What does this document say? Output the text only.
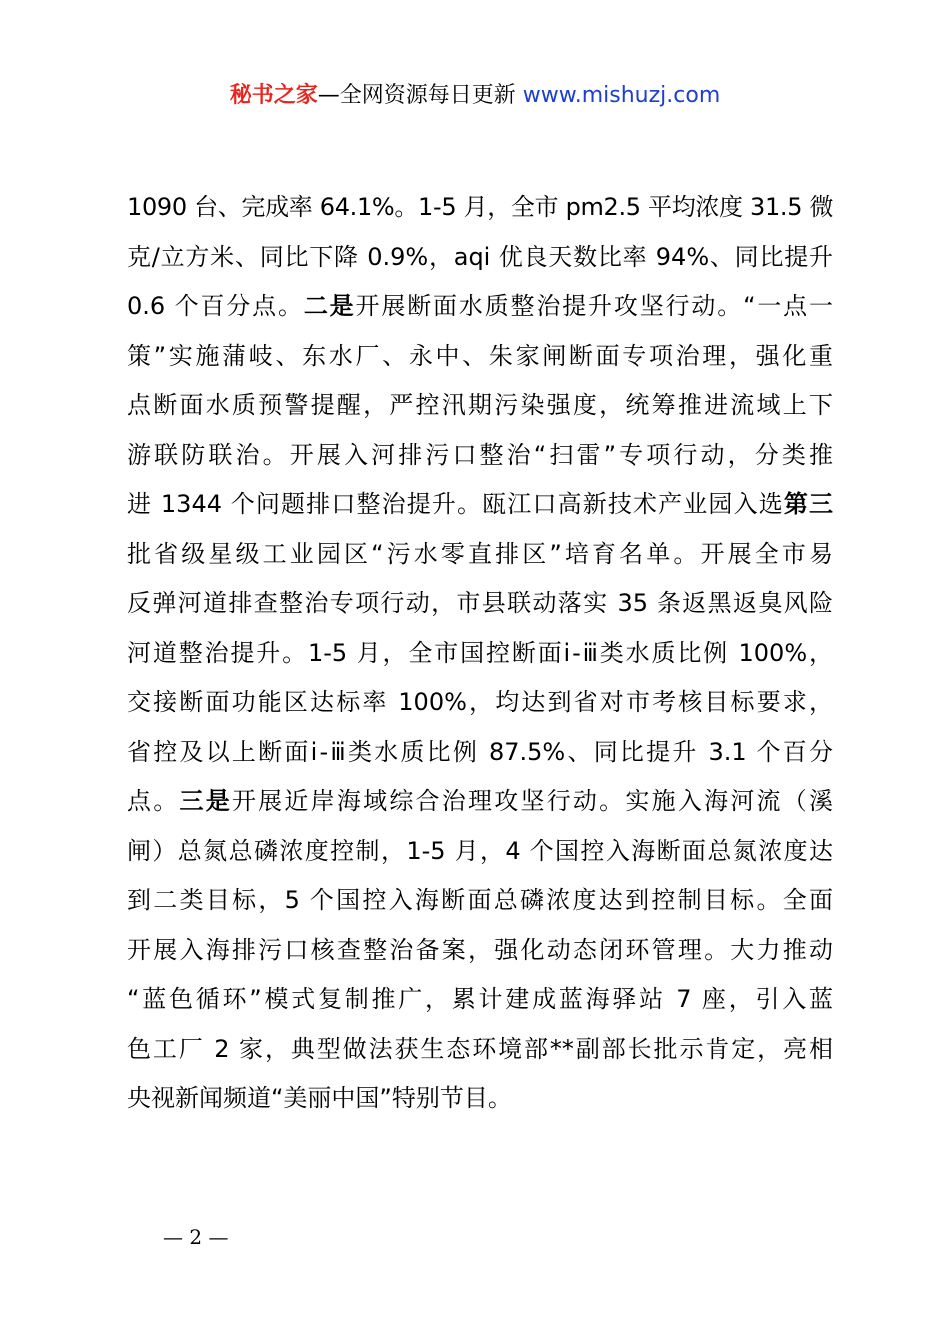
秘书之家—全网资源每日更新 www.mishuzj.com
1090 台、完成率 64.1%。1-5 月，全市 pm2.5 平均浓度 31.5 微
克/立方米、同比下降 0.9%，aqi 优良天数比率 94%、同比提升
0.6 个百分点。二是开展断面水质整治提升攻坚行动。“一点一
策”实施蒲岐、东水厂、永中、朱家闸断面专项治理，强化重
点断面水质预警提醒，严控汛期污染强度，统筹推进流域上下
游联防联治。开展入河排污口整治“扫雷”专项行动，分类推
进 1344 个问题排口整治提升。瓯江口高新技术产业园入选第三
批省级星级工业园区“污水零直排区”培育名单。开展全市易
反弹河道排查整治专项行动，市县联动落实 35 条返黑返臭风险
河道整治提升。1-5 月，全市国控断面ⅰ-ⅲ类水质比例 100%，
交接断面功能区达标率 100%，均达到省对市考核目标要求，
省控及以上断面ⅰ-ⅲ类水质比例 87.5%、同比提升 3.1 个百分
点。三是开展近岸海域综合治理攻坚行动。实施入海河流（溪
闸）总氮总磷浓度控制，1-5 月，4 个国控入海断面总氮浓度达
到二类目标，5 个国控入海断面总磷浓度达到控制目标。全面
开展入海排污口核查整治备案，强化动态闭环管理。大力推动
“蓝色循环”模式复制推广，累计建成蓝海驿站 7 座，引入蓝
色工厂 2 家，典型做法获生态环境部**副部长批示肯定，亮相
央视新闻频道“美丽中国”特别节目。
— 2 —
